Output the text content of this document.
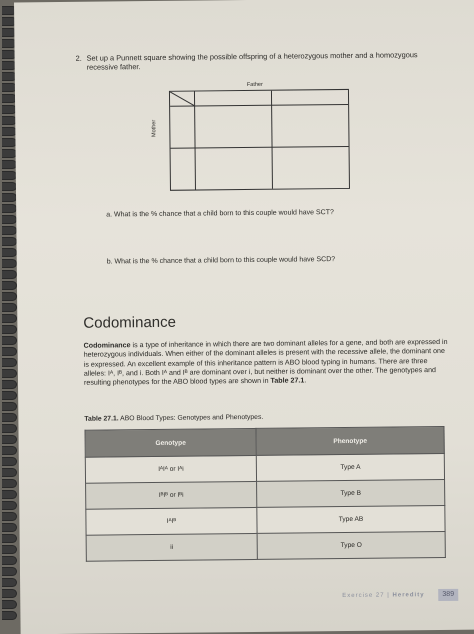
2. Set up a Punnett square showing the possible offspring of a heterozygous mother and a homozygous recessive father.
Father
Mother
a. What is the % chance that a child born to this couple would have SCT?
b. What is the % chance that a child born to this couple would have SCD?
Codominance
Codominance is a type of inheritance in which there are two dominant alleles for a gene, and both are expressed in heterozygous individuals. When either of the dominant alleles is present with the recessive allele, the dominant one is expressed. An excellent example of this inheritance pattern is ABO blood typing in humans. There are three alleles: Iᴬ, Iᴮ, and i. Both Iᴬ and Iᴮ are dominant over i, but neither is dominant over the other. The genotypes and resulting phenotypes for the ABO blood types are shown in Table 27.1.
Table 27.1. ABO Blood Types: Genotypes and Phenotypes.
Genotype	Phenotype
IᴬIᴬ or Iᴬi	Type A
IᴮIᴮ or Iᴮi	Type B
IᴬIᴮ	Type AB
ii	Type O
Exercise 27 | Heredity	389
